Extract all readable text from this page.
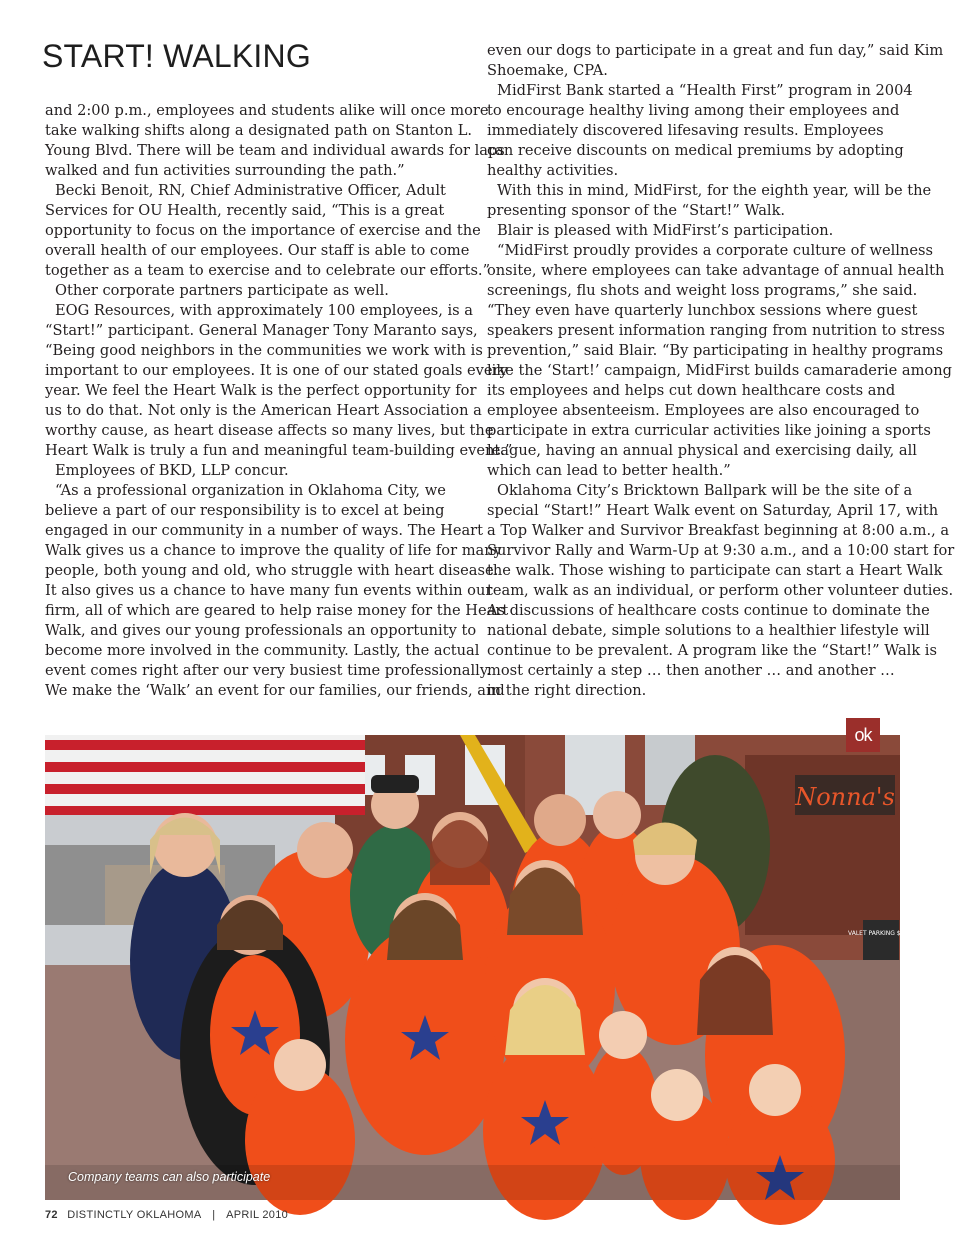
START! WALKING

and 2:00 p.m., employees and students alike will once more

take walking shifts along a designated path on Stanton L.

Young Blvd. There will be team and individual awards for laps

walked and fun activities surrounding the path.”

Becki Benoit, RN, Chief Administrative Officer, Adult

Services for OU Health, recently said, “This is a great

opportunity to focus on the importance of exercise and the

overall health of our employees. Our staff is able to come

together as a team to exercise and to celebrate our efforts.”

Other corporate partners participate as well.

EOG Resources, with approximately 100 employees, is a

“Start!” participant. General Manager Tony Maranto says,

“Being good neighbors in the communities we work with is

important to our employees. It is one of our stated goals every

year. We feel the Heart Walk is the perfect opportunity for

us to do that. Not only is the American Heart Association a

worthy cause, as heart disease affects so many lives, but the

Heart Walk is truly a fun and meaningful team-building event.”

Employees of BKD, LLP concur.

“As a professional organization in Oklahoma City, we

believe a part of our responsibility is to excel at being

engaged in our community in a number of ways. The Heart

Walk gives us a chance to improve the quality of life for many

people, both young and old, who struggle with heart disease.

It also gives us a chance to have many fun events within our

firm, all of which are geared to help raise money for the Heart

Walk, and gives our young professionals an opportunity to

become more involved in the community. Lastly, the actual

event comes right after our very busiest time professionally.

We make the ‘Walk’ an event for our families, our friends, and

even our dogs to participate in a great and fun day,” said Kim

Shoemake, CPA.

MidFirst Bank started a “Health First” program in 2004

to encourage healthy living among their employees and

immediately discovered lifesaving results. Employees

can receive discounts on medical premiums by adopting

healthy activities.

With this in mind, MidFirst, for the eighth year, will be the

presenting sponsor of the “Start!” Walk.

Blair is pleased with MidFirst’s participation.

“MidFirst proudly provides a corporate culture of wellness

onsite, where employees can take advantage of annual health

screenings, flu shots and weight loss programs,” she said.

“They even have quarterly lunchbox sessions where guest

speakers present information ranging from nutrition to stress

prevention,” said Blair. “By participating in healthy programs

like the ‘Start!’ campaign, MidFirst builds camaraderie among

its employees and helps cut down healthcare costs and

employee absenteeism. Employees are also encouraged to

participate in extra curricular activities like joining a sports

league, having an annual physical and exercising daily, all

which can lead to better health.”

Oklahoma City’s Bricktown Ballpark will be the site of a

special “Start!” Heart Walk event on Saturday, April 17, with

a Top Walker and Survivor Breakfast beginning at 8:00 a.m., a

Survivor Rally and Warm-Up at 9:30 a.m., and a 10:00 start for

the walk. Those wishing to participate can start a Heart Walk

team, walk as an individual, or perform other volunteer duties.

As discussions of healthcare costs continue to dominate the

national debate, simple solutions to a healthier lifestyle will

continue to be prevalent. A program like the “Start!” Walk is

most certainly a step … then another … and another …

in the right direction.

Nonna's
VALET PARKING $5.00
Company teams can also participate
ok
72 DISTINCTLY OKLAHOMA | APRIL 2010
